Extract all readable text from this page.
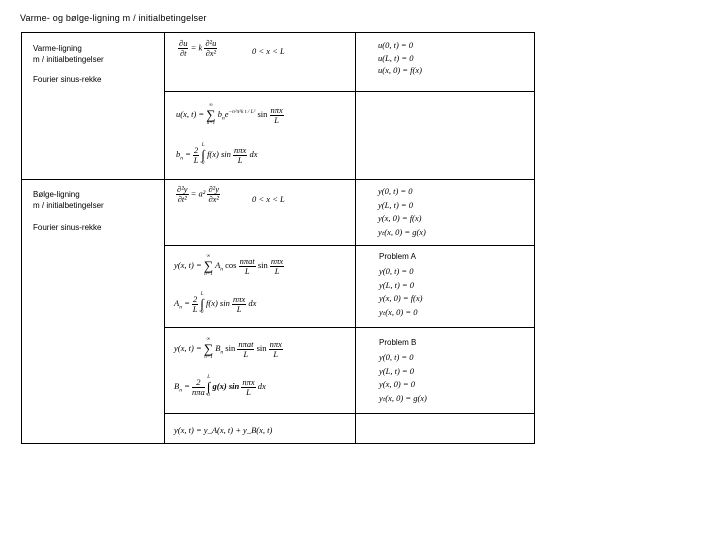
Varme- og bølge-ligning m / initialbetingelser
Varme-ligning
m / initialbetingelser
Fourier sinus-rekke
$\frac{\partial u}{\partial t} = k \frac{\text{∂²u}}{\text{∂x²}}$	0 < x < L
u(0, t) = 0
u(L, t) = 0
u(x, 0) = f(x)
u(x, t) =
∞
∑
n=1
$b_ne^{-n^2\pi^2k t / L^2}$ $\sin \frac{\text{nπx}}{L}$
$b_n = \frac{2}{L}$
L
∫
0
f(x) $\sin \frac{\text{nπx}}{L}$ dx
Bølge-ligning
m / initialbetingelser
Fourier sinus-rekke
$\frac{\text{∂²y}}{\text{∂t²}} = a^2 \frac{\text{∂²y}}{\text{∂x²}}$	0 < x < L
y(0, t) = 0
y(L, t) = 0
y(x, 0) = f(x)
yₜ(x, 0) = g(x)
y(x, t) =
∞
∑
n=1
$A_n$ $\cos \frac{\text{nπat}}{L}$ $\sin \frac{\text{nπx}}{L}$
$A_n = \frac{2}{L}$
L
∫
0
f(x) $\sin \frac{\text{nπx}}{L}$ dx
Problem A
y(0, t) = 0
y(L, t) = 0
y(x, 0) = f(x)
yₜ(x, 0) = 0
y(x, t) =
∞
∑
n=1
$B_n$ $\sin \frac{\text{nπat}}{L}$ $\sin \frac{\text{nπx}}{L}$
$B_n = \frac{2}{\text{nπa}}$
L
∫
0
g(x) $\sin \frac{\text{nπx}}{L}$ dx
Problem B
y(0, t) = 0
y(L, t) = 0
y(x, 0) = 0
yₜ(x, 0) = g(x)
y(x, t) = y_A(x, t) + y_B(x, t)
